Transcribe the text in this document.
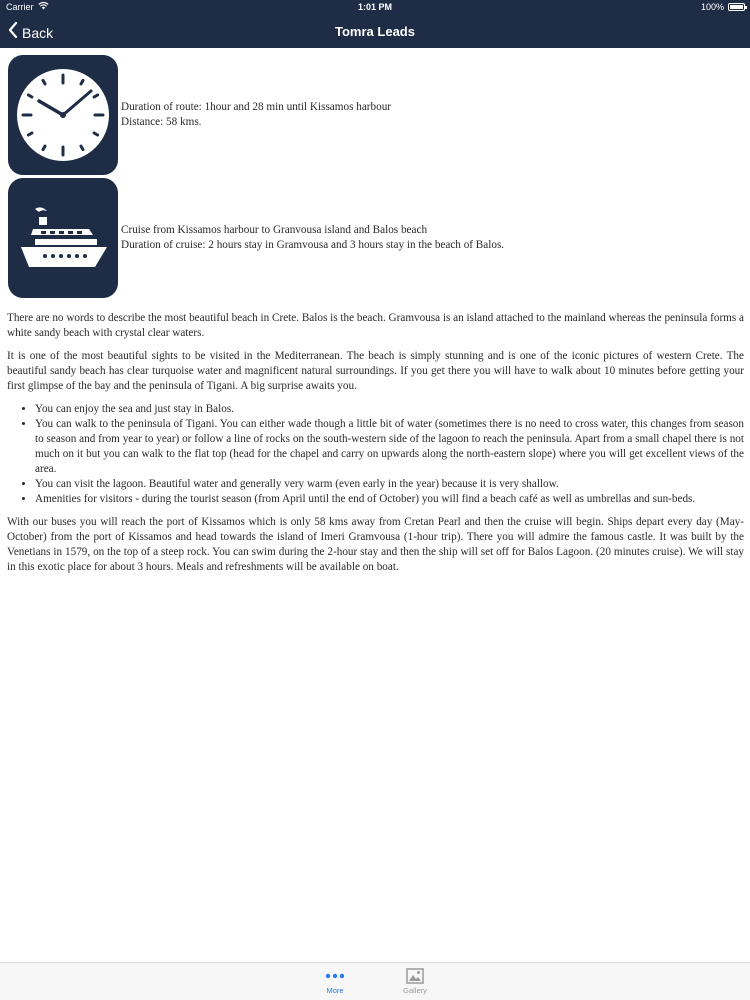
Carrier	1:01 PM	100%
Back	Tomra Leads
Duration of route: 1hour and 28 min until Kissamos harbour
Distance: 58 kms.
Cruise from Kissamos harbour to Granvousa island and Balos beach
Duration of cruise: 2 hours stay in Gramvousa and 3 hours stay in the beach of Balos.

There are no words to describe the most beautiful beach in Crete. Balos is the beach. Gramvousa is an island attached to the mainland whereas the peninsula forms a white sandy beach with crystal clear waters.

It is one of the most beautiful sights to be visited in the Mediterranean. The beach is simply stunning and is one of the iconic pictures of western Crete. The beautiful sandy beach has clear turquoise water and magnificent natural surroundings. If you get there you will have to walk about 10 minutes before getting your first glimpse of the bay and the peninsula of Tigani. A big surprise awaits you.

• You can enjoy the sea and just stay in Balos.
• You can walk to the peninsula of Tigani. You can either wade though a little bit of water (sometimes there is no need to cross water, this changes from season to season and from year to year) or follow a line of rocks on the south-western side of the lagoon to reach the peninsula. Apart from a small chapel there is not much on it but you can walk to the flat top (head for the chapel and carry on upwards along the north-eastern slope) where you will get excellent views of the area.
• You can visit the lagoon. Beautiful water and generally very warm (even early in the year) because it is very shallow.
• Amenities for visitors - during the tourist season (from April until the end of October) you will find a beach café as well as umbrellas and sun-beds.

With our buses you will reach the port of Kissamos which is only 58 kms away from Cretan Pearl and then the cruise will begin. Ships depart every day (May-October) from the port of Kissamos and head towards the island of Imeri Gramvousa (1-hour trip). There you will admire the famous castle. It was built by the Venetians in 1579, on the top of a steep rock. You can swim during the 2-hour stay and then the ship will set off for Balos Lagoon. (20 minutes cruise). We will stay in this exotic place for about 3 hours. Meals and refreshments will be available on boat.

More	Gallery
